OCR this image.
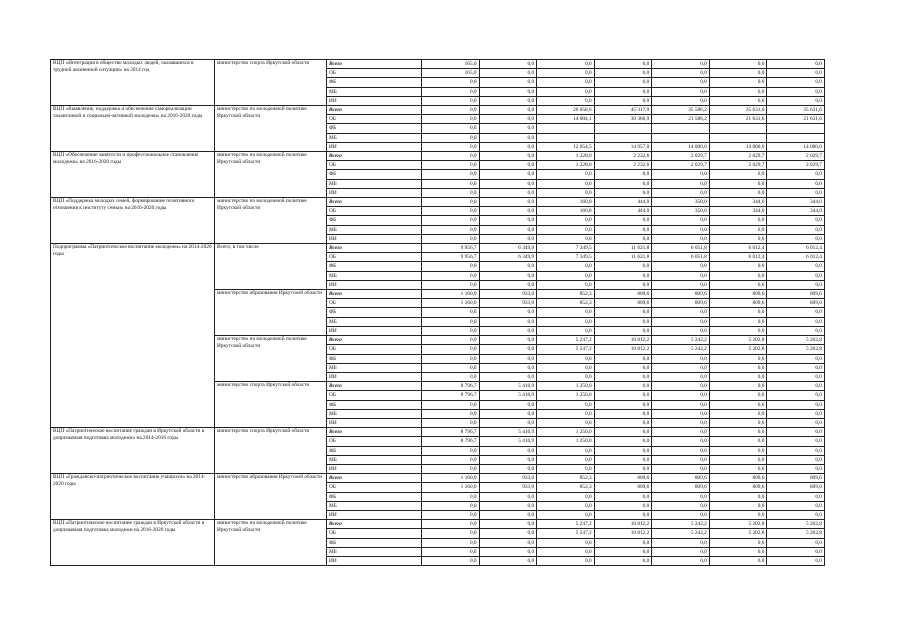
ВЦП «Интеграция в общество молодых людей, оказавшихся в трудной жизненной ситуации» на 2014 год	министерство спорта Иркутской области	Всего	165,0	0,0	0,0	0,0	0,0	0,0	0,0
		ОБ	165,0	0,0	0,0	0,0	0,0	0,0	0,0
		ФБ	0,0	0,0	0,0	0,0	0,0	0,0	0,0
		МБ	0,0	0,0	0,0	0,0	0,0	0,0	0,0
		ИИ	0,0	0,0	0,0	0,0	0,0	0,0	0,0
ВЦП «Выявление, поддержка и обеспечение самореализации талантливой и социально-активной молодежи» на 2016-2020 годы	министерство по молодежной политике Иркутской области	Всего	0,0	0,0	26 058,6	45 317,9	35 586,2	35 631,6	35 631,6
		ОБ	0,0	0,0	14 004,1	30 360,9	21 586,2	21 631,6	21 631,6
		ФБ	0,0	0,0					
		МБ	0,0	0,0					
		ИИ	0,0	0,0	12 054,5	14 957,0	14 000,0	14 000,0	14 000,0
ВЦП «Обеспечение занятости и профессиональное становление молодежи» на 2016-2020 годы	министерство по молодежной политике Иркутской области	Всего	0,0	0,0	1 228,0	2 232,6	2 029,7	2 029,7	2 029,7
		ОБ	0,0	0,0	1 228,0	2 232,6	2 029,7	2 029,7	2 029,7
		ФБ	0,0	0,0	0,0	0,0	0,0	0,0	0,0
		МБ	0,0	0,0	0,0	0,0	0,0	0,0	0,0
		ИИ	0,0	0,0	0,0	0,0	0,0	0,0	0,0
ВЦП «Поддержка молодых семей, формирование позитивного отношения к институту семьи» на 2016-2020 годы	министерство по молодежной политике Иркутской области	Всего	0,0	0,0	160,8	444,0	350,0	344,0	344,0
		ОБ	0,0	0,0	160,8	444,0	350,0	344,0	344,0
		ФБ	0,0	0,0	0,0	0,0	0,0	0,0	0,0
		МБ	0,0	0,0	0,0	0,0	0,0	0,0	0,0
		ИИ	0,0	0,0	0,0	0,0	0,0	0,0	0,0
Подпрограмма «Патриотическое воспитание молодежи» на 2014-2020 годы	Всего, в том числе	Всего	9 956,7	6 349,9	7 349,5	11 621,8	6 051,8	6 012,4	6 012,4
		ОБ	9 956,7	6 349,9	7 349,5	11 621,8	6 051,8	6 012,4	6 012,4
		ФБ	0,0	0,0	0,0	0,0	0,0	0,0	0,0
		МБ	0,0	0,0	0,0	0,0	0,0	0,0	0,0
		ИИ	0,0	0,0	0,0	0,0	0,0	0,0	0,0
	министерство образования Иркутской области	Всего	1 160,0	933,0	852,3	809,6	809,6	809,6	809,6
		ОБ	1 160,0	933,0	852,3	809,6	809,6	809,6	809,6
		ФБ	0,0	0,0	0,0	0,0	0,0	0,0	0,0
		МБ	0,0	0,0	0,0	0,0	0,0	0,0	0,0
		ИИ	0,0	0,0	0,0	0,0	0,0	0,0	0,0
	министерство по молодежной политике Иркутской области	Всего	0,0	0,0	5 247,2	10 812,2	5 242,2	5 202,8	5 202,8
		ОБ	0,0	0,0	5 247,2	10 812,2	5 242,2	5 202,8	5 202,8
		ФБ	0,0	0,0	0,0	0,0	0,0	0,0	0,0
		МБ	0,0	0,0	0,0	0,0	0,0	0,0	0,0
		ИИ	0,0	0,0	0,0	0,0	0,0	0,0	0,0
	министерство спорта Иркутской области	Всего	8 796,7	5 416,9	1 250,0	0,0	0,0	0,0	0,0
		ОБ	8 796,7	5 416,9	1 250,0	0,0	0,0	0,0	0,0
		ФБ	0,0	0,0	0,0	0,0	0,0	0,0	0,0
		МБ	0,0	0,0	0,0	0,0	0,0	0,0	0,0
		ИИ	0,0	0,0	0,0	0,0	0,0	0,0	0,0
ВЦП «Патриотическое воспитание граждан в Иркутской области и допризывная подготовка молодежи» на 2014-2016 годы	министерство спорта Иркутской области	Всего	8 796,7	5 416,9	1 250,0	0,0	0,0	0,0	0,0
		ОБ	8 796,7	5 416,9	1 250,0	0,0	0,0	0,0	0,0
		ФБ	0,0	0,0	0,0	0,0	0,0	0,0	0,0
		МБ	0,0	0,0	0,0	0,0	0,0	0,0	0,0
		ИИ	0,0	0,0	0,0	0,0	0,0	0,0	0,0
ВЦП «Гражданско-патриотическое воспитание учащихся» на 2014-2020 годы	министерство образования Иркутской области	Всего	1 160,0	933,0	852,3	809,6	809,6	809,6	809,6
		ОБ	1 160,0	933,0	852,3	809,6	809,6	809,6	809,6
		ФБ	0,0	0,0	0,0	0,0	0,0	0,0	0,0
		МБ	0,0	0,0	0,0	0,0	0,0	0,0	0,0
		ИИ	0,0	0,0	0,0	0,0	0,0	0,0	0,0
ВЦП «Патриотическое воспитание граждан в Иркутской области и допризывная подготовка молодежи на 2016-2020 годы	министерство по молодежной политике Иркутской области	Всего	0,0	0,0	5 247,2	10 812,2	5 242,2	5 202,8	5 202,8
		ОБ	0,0	0,0	5 247,2	10 812,2	5 242,2	5 202,8	5 202,8
		ФБ	0,0	0,0	0,0	0,0	0,0	0,0	0,0
		МБ	0,0	0,0	0,0	0,0	0,0	0,0	0,0
		ИИ	0,0	0,0	0,0	0,0	0,0	0,0	0,0
